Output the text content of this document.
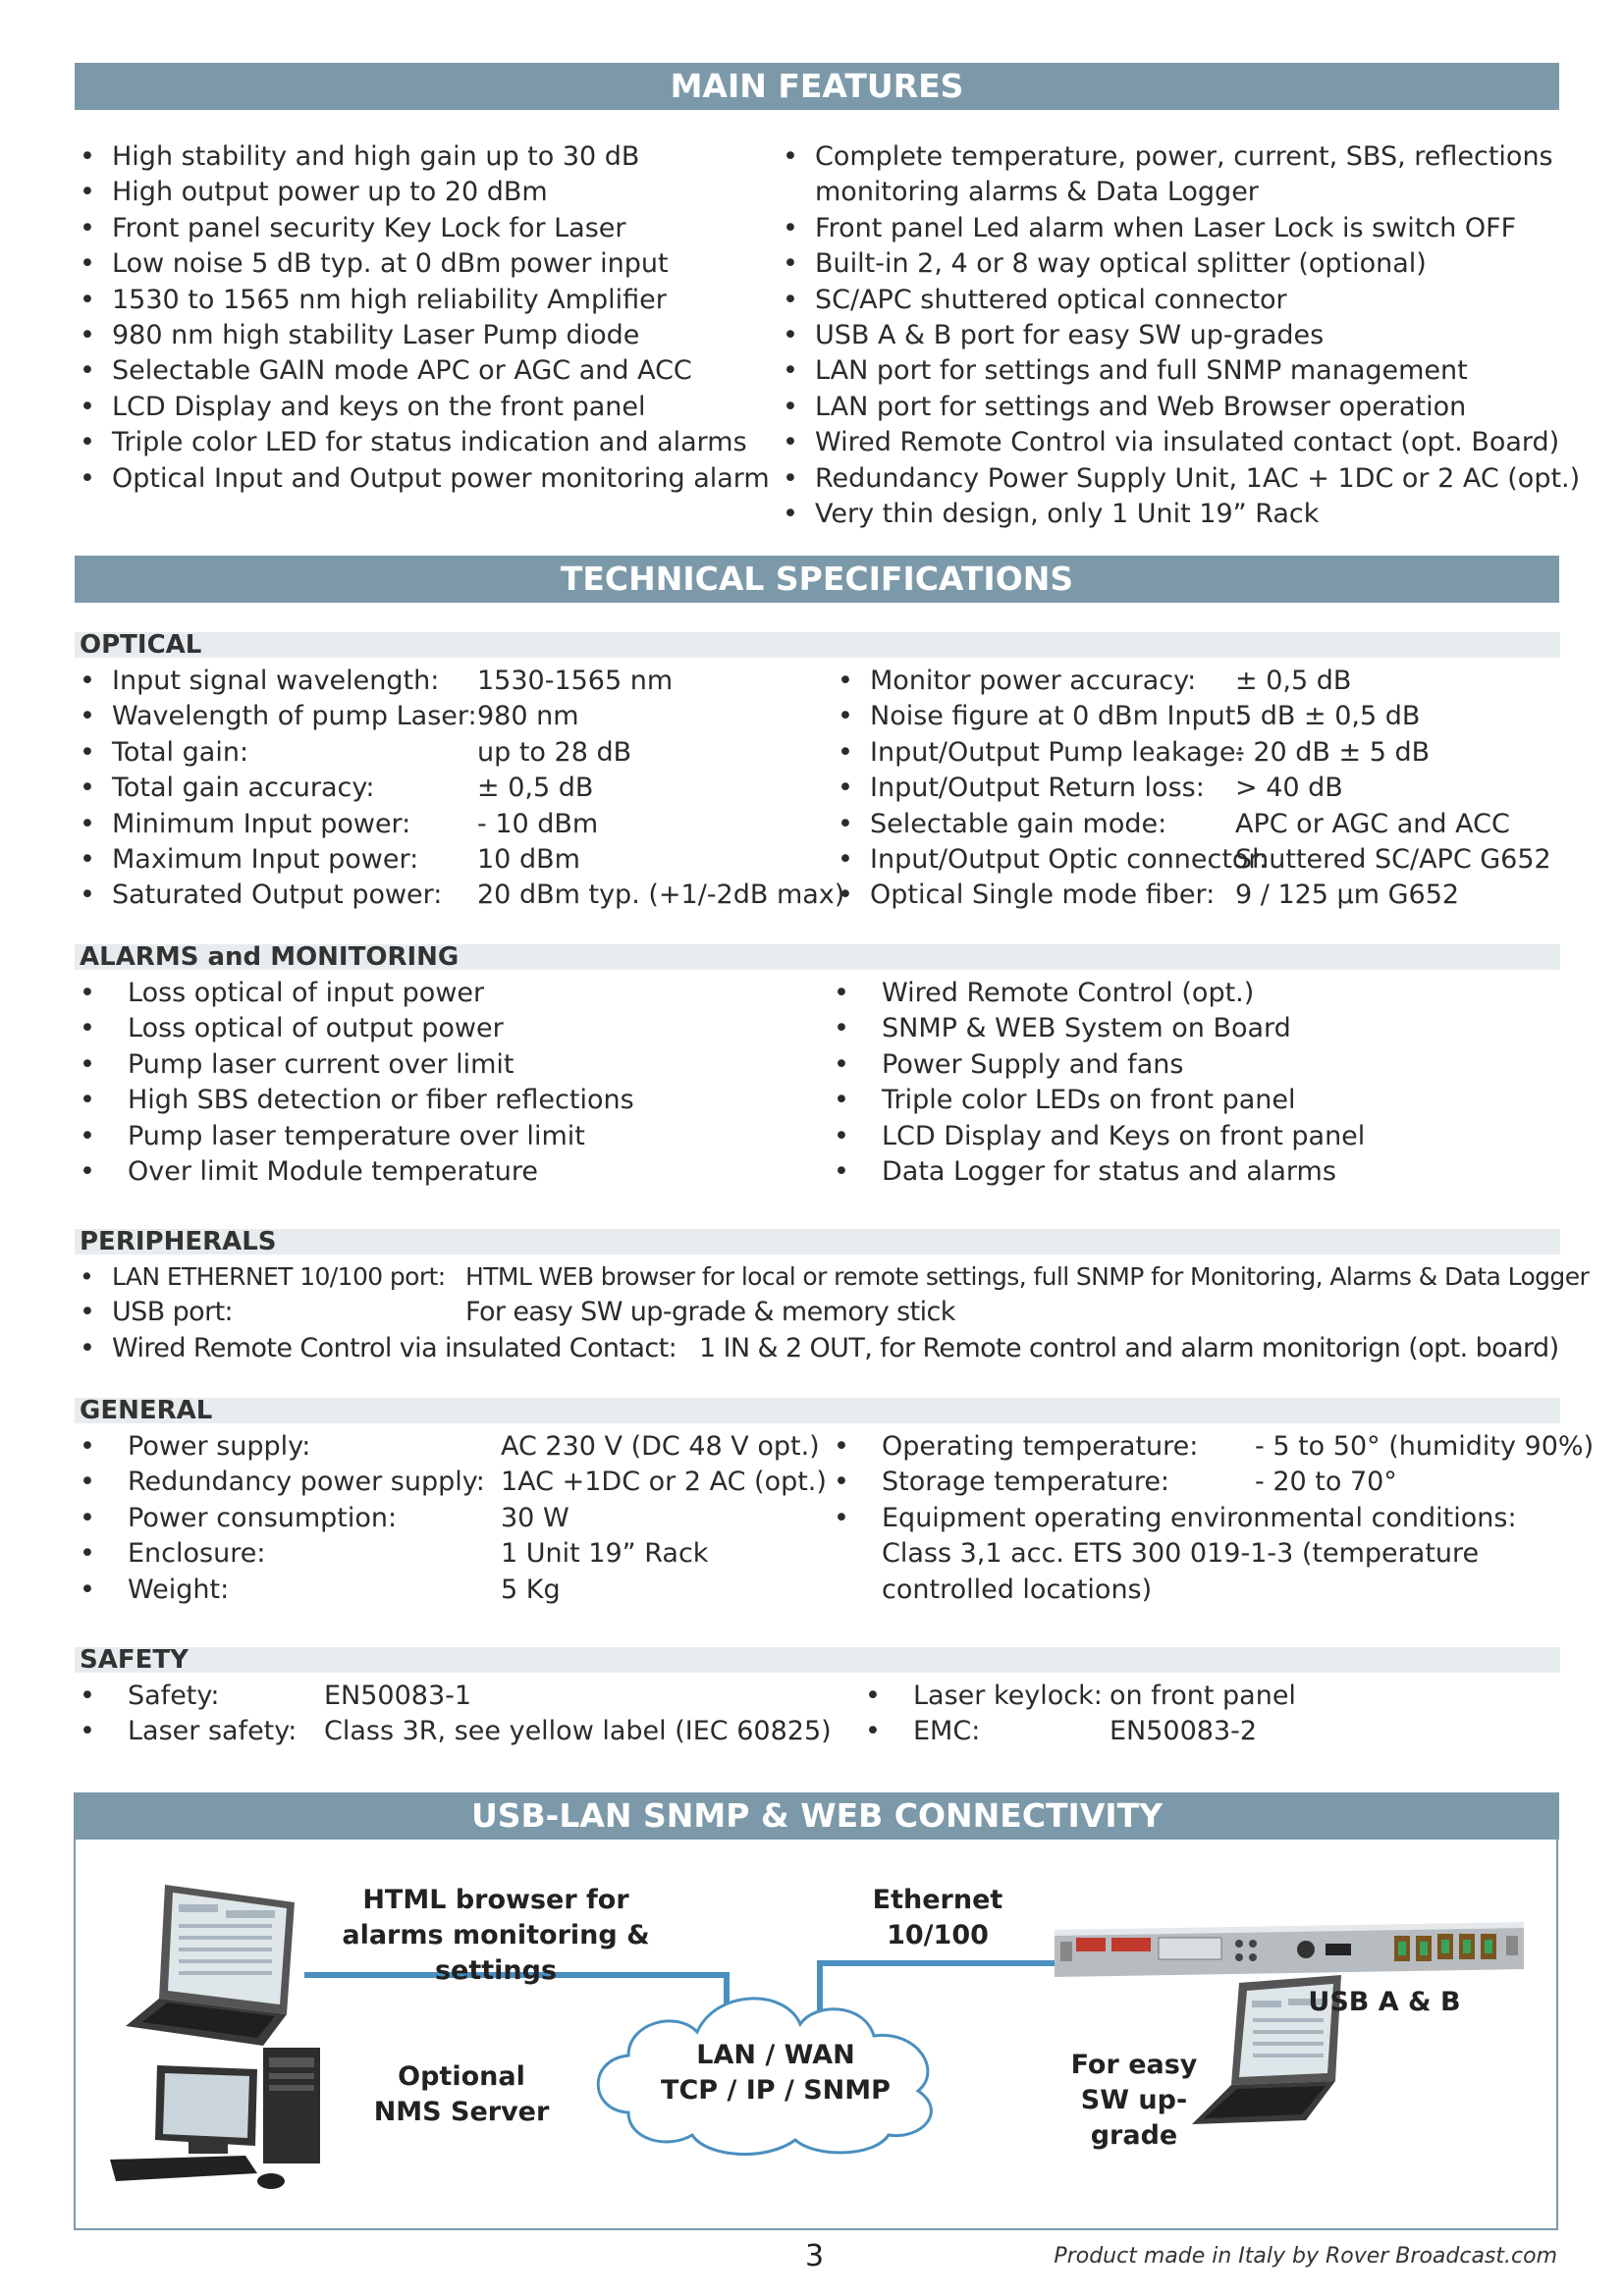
MAIN FEATURES
• High stability and high gain up to 30 dB
• High output power up to 20 dBm
• Front panel security Key Lock for Laser
• Low noise 5 dB typ. at 0 dBm power input
• 1530 to 1565 nm high reliability Amplifier
• 980 nm high stability Laser Pump diode
• Selectable GAIN mode APC or AGC and ACC
• LCD Display and keys on the front panel
• Triple color LED for status indication and alarms
• Optical Input and Output power monitoring alarm
• Complete temperature, power, current, SBS, reflections monitoring alarms & Data Logger
• Front panel Led alarm when Laser Lock is switch OFF
• Built-in 2, 4 or 8 way optical splitter (optional)
• SC/APC shuttered optical connector
• USB A & B port for easy SW up-grades
• LAN port for settings and full SNMP management
• LAN port for settings and Web Browser operation
• Wired Remote Control via insulated contact (opt. Board)
• Redundancy Power Supply Unit, 1AC + 1DC or 2 AC (opt.)
• Very thin design, only 1 Unit 19” Rack
TECHNICAL SPECIFICATIONS
OPTICAL
• Input signal wavelength:	1530-1565 nm
• Wavelength of pump Laser: 980 nm
• Total gain:	up to 28 dB
• Total gain accuracy:	± 0,5 dB
• Minimum Input power:	- 10 dBm
• Maximum Input power:	10 dBm
• Saturated Output power:	20 dBm typ. (+1/-2dB max)
• Monitor power accuracy:	± 0,5 dB
• Noise figure at 0 dBm Input:
5 dB ± 0,5 dB
• Input/Output Pump leakage:
- 20 dB ± 5 dB
• Input/Output Return loss:	> 40 dB
• Selectable gain mode:	APC or AGC and ACC
• Input/Output Optic connector:
Shuttered SC/APC G652
• Optical Single mode fiber: 9 / 125 µm G652
ALARMS and MONITORING
• Loss optical of input power
• Loss optical of output power
• Pump laser current over limit
• High SBS detection or fiber reflections
• Pump laser temperature over limit
• Over limit Module temperature
• Wired Remote Control (opt.)
• SNMP & WEB System on Board
• Power Supply and fans
• Triple color LEDs on front panel
• LCD Display and Keys on front panel
• Data Logger for status and alarms
PERIPHERALS
• LAN ETHERNET 10/100 port: HTML WEB browser for local or remote settings, full SNMP for Monitoring, Alarms & Data Logger
• USB port:	For easy SW up-grade & memory stick
• Wired Remote Control via insulated Contact: 1 IN & 2 OUT, for Remote control and alarm monitorign (opt. board)
GENERAL
• Power supply:	AC 230 V (DC 48 V opt.)
• Redundancy power supply: 1AC +1DC or 2 AC (opt.)
• Power consumption:	30 W
• Enclosure:	1 Unit 19” Rack
• Weight:	5 Kg
• Operating temperature:	- 5 to 50° (humidity 90%)
• Storage temperature:	- 20 to 70°
• Equipment operating environmental conditions: Class 3,1 acc. ETS 300 019-1-3 (temperature controlled locations)
SAFETY
• Safety:	EN50083-1
• Laser safety:	Class 3R, see yellow label (IEC 60825)
• Laser keylock: on front panel
• EMC:	EN50083-2
USB-LAN SNMP & WEB CONNECTIVITY
HTML browser for alarms monitoring & settings
Ethernet 10/100
USB A & B
LAN / WAN
TCP / IP / SNMP
Optional NMS Server
For easy SW up-grade
3	Product made in Italy by Rover Broadcast.com
